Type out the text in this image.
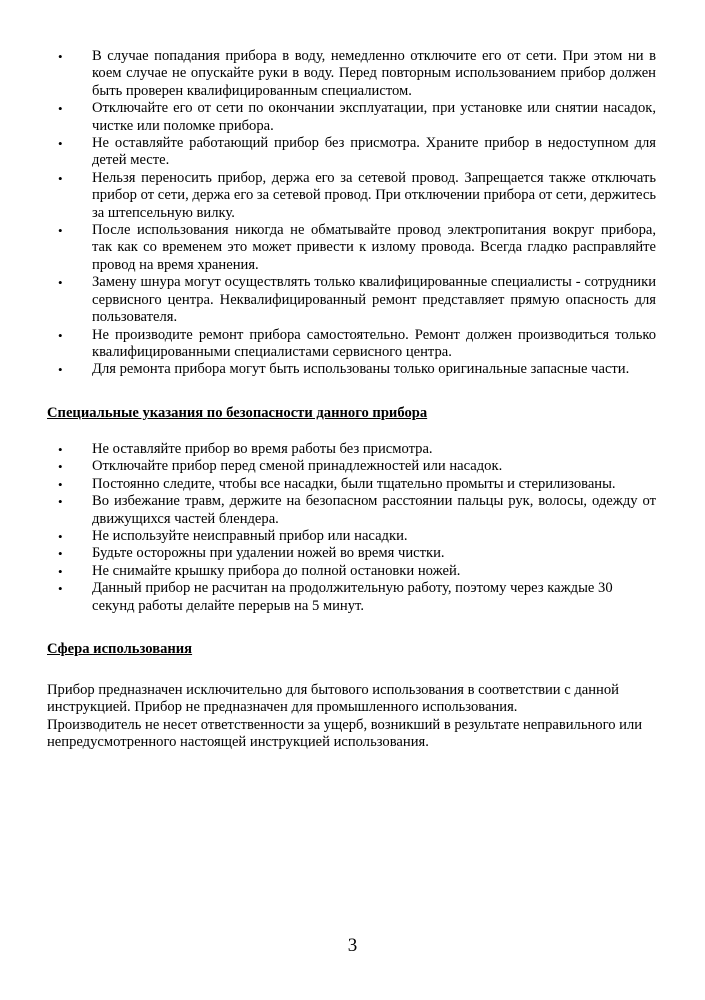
• В случае попадания прибора в воду, немедленно отключите его от сети. При этом ни в коем случае не опускайте руки в воду. Перед повторным использованием прибор должен быть проверен квалифицированным специалистом.
• Отключайте его от сети по окончании эксплуатации, при установке или снятии насадок, чистке или поломке прибора.
• Не оставляйте работающий прибор без присмотра. Храните прибор в недоступном для детей месте.
• Нельзя переносить прибор, держа его за сетевой провод. Запрещается также отключать прибор от сети, держа его за сетевой провод. При отключении прибора от сети, держитесь за штепсельную вилку.
• После использования никогда не обматывайте провод электропитания вокруг прибора, так как со временем это может привести к излому провода. Всегда гладко расправляйте провод на время хранения.
• Замену шнура могут осуществлять только квалифицированные специалисты - сотрудники сервисного центра. Неквалифицированный ремонт представляет прямую опасность для пользователя.
• Не производите ремонт прибора самостоятельно. Ремонт должен производиться только квалифицированными специалистами сервисного центра.
• Для ремонта прибора могут быть использованы только оригинальные запасные части.

Специальные указания по безопасности данного прибора

• Не оставляйте прибор во время работы без присмотра.
• Отключайте прибор перед сменой принадлежностей или насадок.
• Постоянно следите, чтобы все насадки, были тщательно промыты и стерилизованы.
• Во избежание травм, держите на безопасном расстоянии пальцы рук, волосы, одежду от движущихся частей блендера.
• Не используйте неисправный прибор или насадки.
• Будьте осторожны при удалении ножей во время чистки.
• Не снимайте крышку прибора до полной остановки ножей.
• Данный прибор не расчитан на продолжительную работу, поэтому через каждые 30 секунд работы делайте перерыв на 5 минут.

Сфера использования

Прибор предназначен исключительно для бытового использования в соответствии с данной инструкцией. Прибор не предназначен для промышленного использования.

Производитель не несет ответственности за ущерб, возникший в результате неправильного или непредусмотренного настоящей инструкцией использования.

3
